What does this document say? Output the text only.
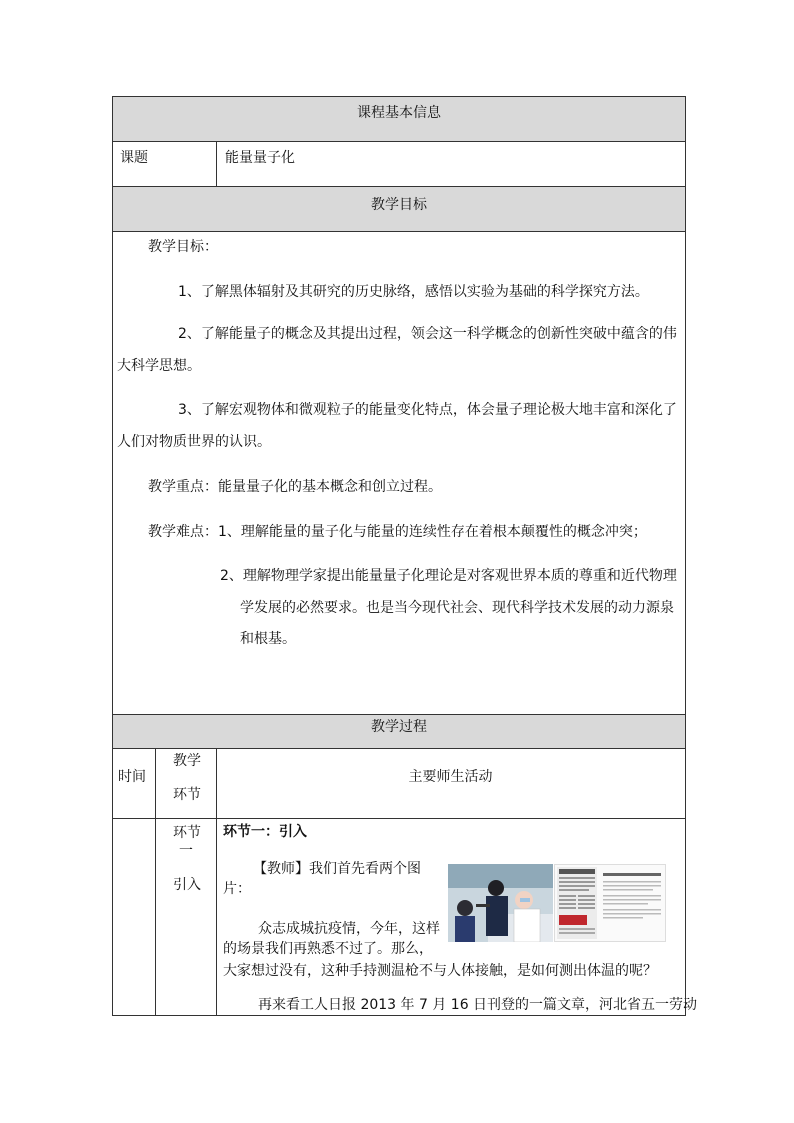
课程基本信息
课题	能量量子化
教学目标
教学目标：
1、了解黑体辐射及其研究的历史脉络，感悟以实验为基础的科学探究方法。
2、了解能量子的概念及其提出过程，领会这一科学概念的创新性突破中蕴含的伟
大科学思想。
3、了解宏观物体和微观粒子的能量变化特点，体会量子理论极大地丰富和深化了
人们对物质世界的认识。
教学重点：能量量子化的基本概念和创立过程。
教学难点：1、理解能量的量子化与能量的连续性存在着根本颠覆性的概念冲突；
2、理解物理学家提出能量量子化理论是对客观世界本质的尊重和近代物理
学发展的必然要求。也是当今现代社会、现代科学技术发展的动力源泉
和根基。
教学过程
时间
教学
环节
主要师生活动
环节
一
引入
环节一：引入
【教师】我们首先看两个图
片：
众志成城抗疫情，今年，这样
的场景我们再熟悉不过了。那么，
大家想过没有，这种手持测温枪不与人体接触，是如何测出体温的呢？
再来看工人日报 2013 年 7 月 16 日刊登的一篇文章，河北省五一劳动
